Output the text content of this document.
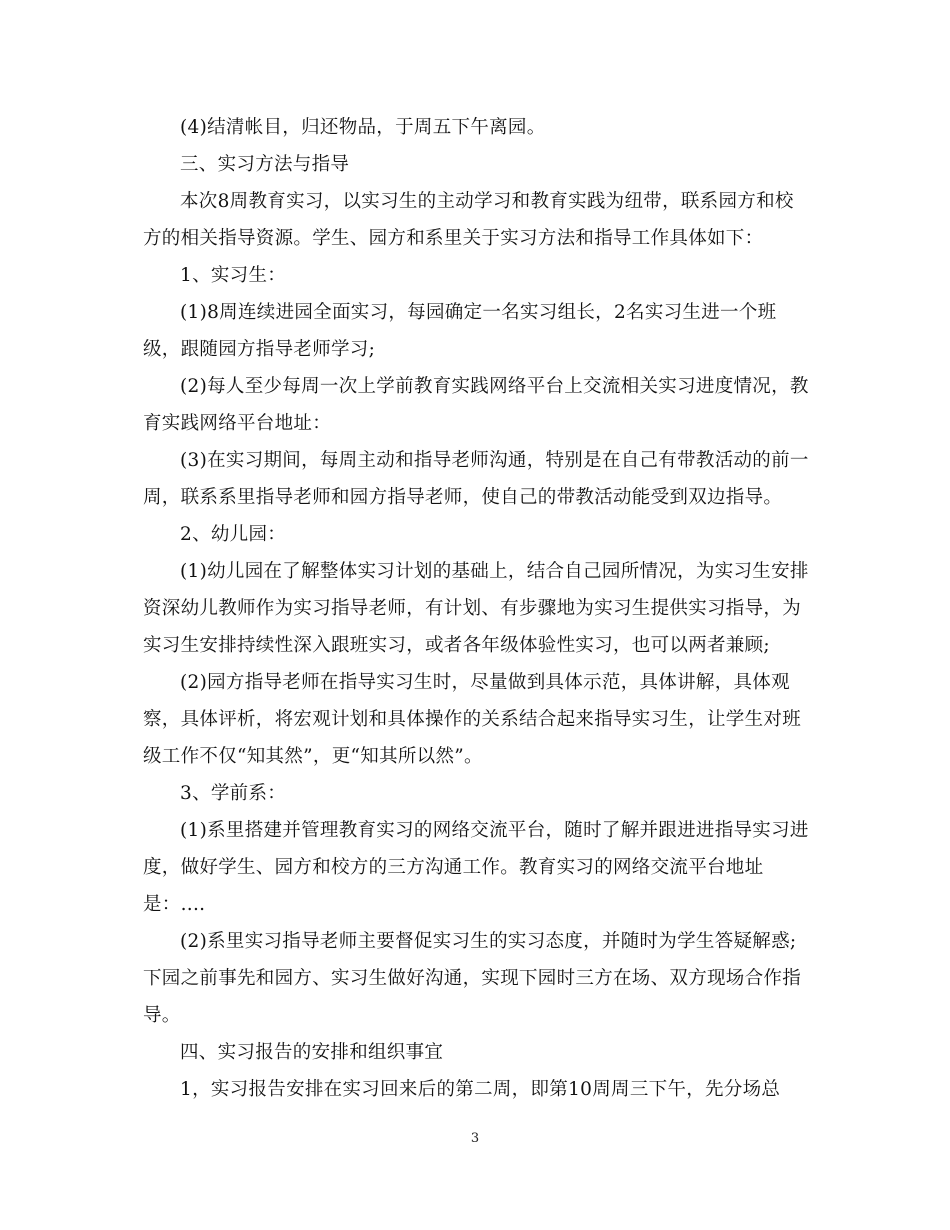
(4)结清帐目，归还物品，于周五下午离园。

三、实习方法与指导

本次8周教育实习，以实习生的主动学习和教育实践为纽带，联系园方和校
方的相关指导资源。学生、园方和系里关于实习方法和指导工作具体如下：

1、实习生：

(1)8周连续进园全面实习，每园确定一名实习组长，2名实习生进一个班
级，跟随园方指导老师学习;

(2)每人至少每周一次上学前教育实践网络平台上交流相关实习进度情况，教
育实践网络平台地址：

(3)在实习期间，每周主动和指导老师沟通，特别是在自己有带教活动的前一
周，联系系里指导老师和园方指导老师，使自己的带教活动能受到双边指导。

2、幼儿园：

(1)幼儿园在了解整体实习计划的基础上，结合自己园所情况，为实习生安排
资深幼儿教师作为实习指导老师，有计划、有步骤地为实习生提供实习指导，为
实习生安排持续性深入跟班实习，或者各年级体验性实习，也可以两者兼顾;

(2)园方指导老师在指导实习生时，尽量做到具体示范，具体讲解，具体观
察，具体评析，将宏观计划和具体操作的关系结合起来指导实习生，让学生对班
级工作不仅“知其然”，更“知其所以然”。

3、学前系：

(1)系里搭建并管理教育实习的网络交流平台，随时了解并跟进进指导实习进
度，做好学生、园方和校方的三方沟通工作。教育实习的网络交流平台地址
是：....

(2)系里实习指导老师主要督促实习生的实习态度，并随时为学生答疑解惑;
下园之前事先和园方、实习生做好沟通，实现下园时三方在场、双方现场合作指
导。

四、实习报告的安排和组织事宜

1，实习报告安排在实习回来后的第二周，即第10周周三下午，先分场总

3
